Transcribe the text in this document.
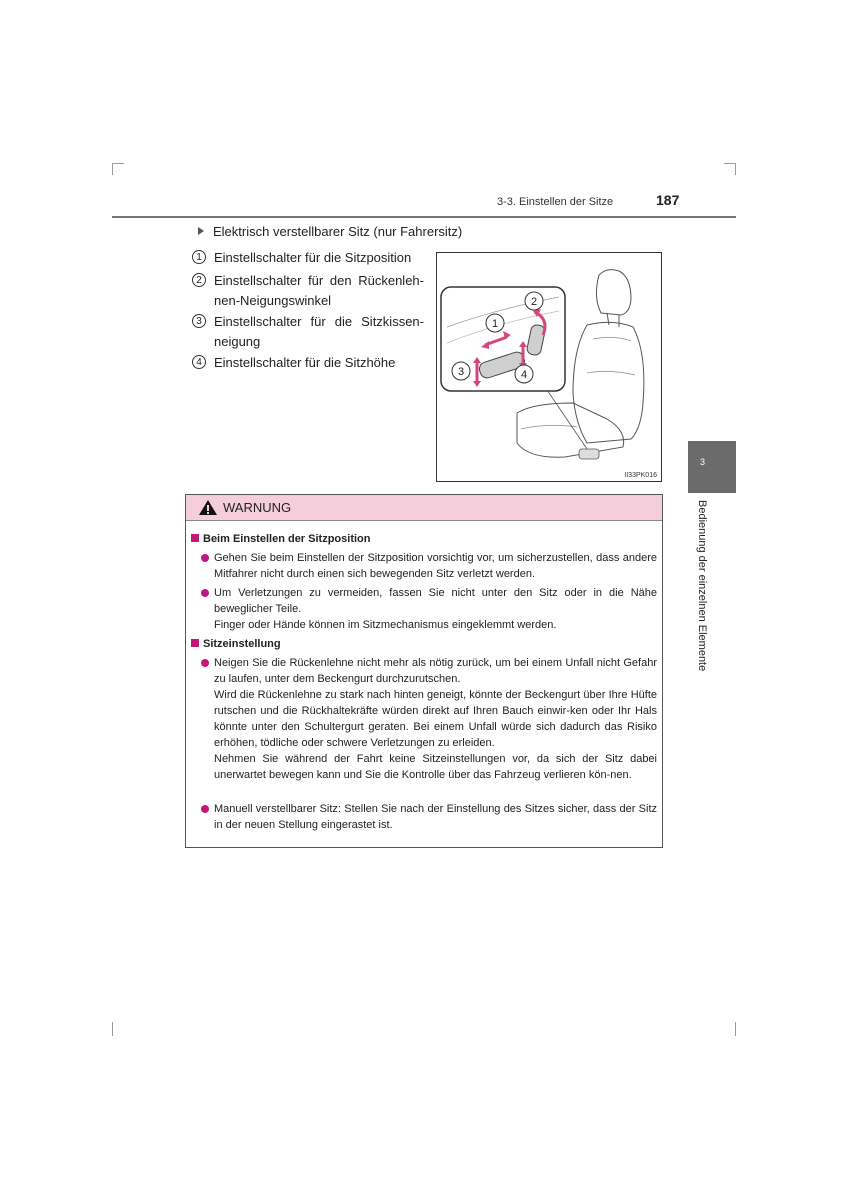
3-3. Einstellen der Sitze	187
3
Bedienung der einzelnen Elemente
Elektrisch verstellbarer Sitz (nur Fahrersitz)
1 Einstellschalter für die Sitzposition
2 Einstellschalter für den Rückenleh-nen-Neigungswinkel
3 Einstellschalter für die Sitzkissen-neigung
4 Einstellschalter für die Sitzhöhe
1
2
3	4
II33PK016
WARNUNG
Beim Einstellen der Sitzposition

Gehen Sie beim Einstellen der Sitzposition vorsichtig vor, um sicherzustellen, dass andere Mitfahrer nicht durch einen sich bewegenden Sitz verletzt werden.

Um Verletzungen zu vermeiden, fassen Sie nicht unter den Sitz oder in die Nähe beweglicher Teile.

Finger oder Hände können im Sitzmechanismus eingeklemmt werden.

Sitzeinstellung

Neigen Sie die Rückenlehne nicht mehr als nötig zurück, um bei einem Unfall nicht Gefahr zu laufen, unter dem Beckengurt durchzurutschen.

Wird die Rückenlehne zu stark nach hinten geneigt, könnte der Beckengurt über Ihre Hüfte rutschen und die Rückhaltekräfte würden direkt auf Ihren Bauch einwir-ken oder Ihr Hals könnte unter den Schultergurt geraten. Bei einem Unfall würde sich dadurch das Risiko erhöhen, tödliche oder schwere Verletzungen zu erleiden.

Nehmen Sie während der Fahrt keine Sitzeinstellungen vor, da sich der Sitz dabei unerwartet bewegen kann und Sie die Kontrolle über das Fahrzeug verlieren kön-nen.

Manuell verstellbarer Sitz: Stellen Sie nach der Einstellung des Sitzes sicher, dass der Sitz in der neuen Stellung eingerastet ist.
